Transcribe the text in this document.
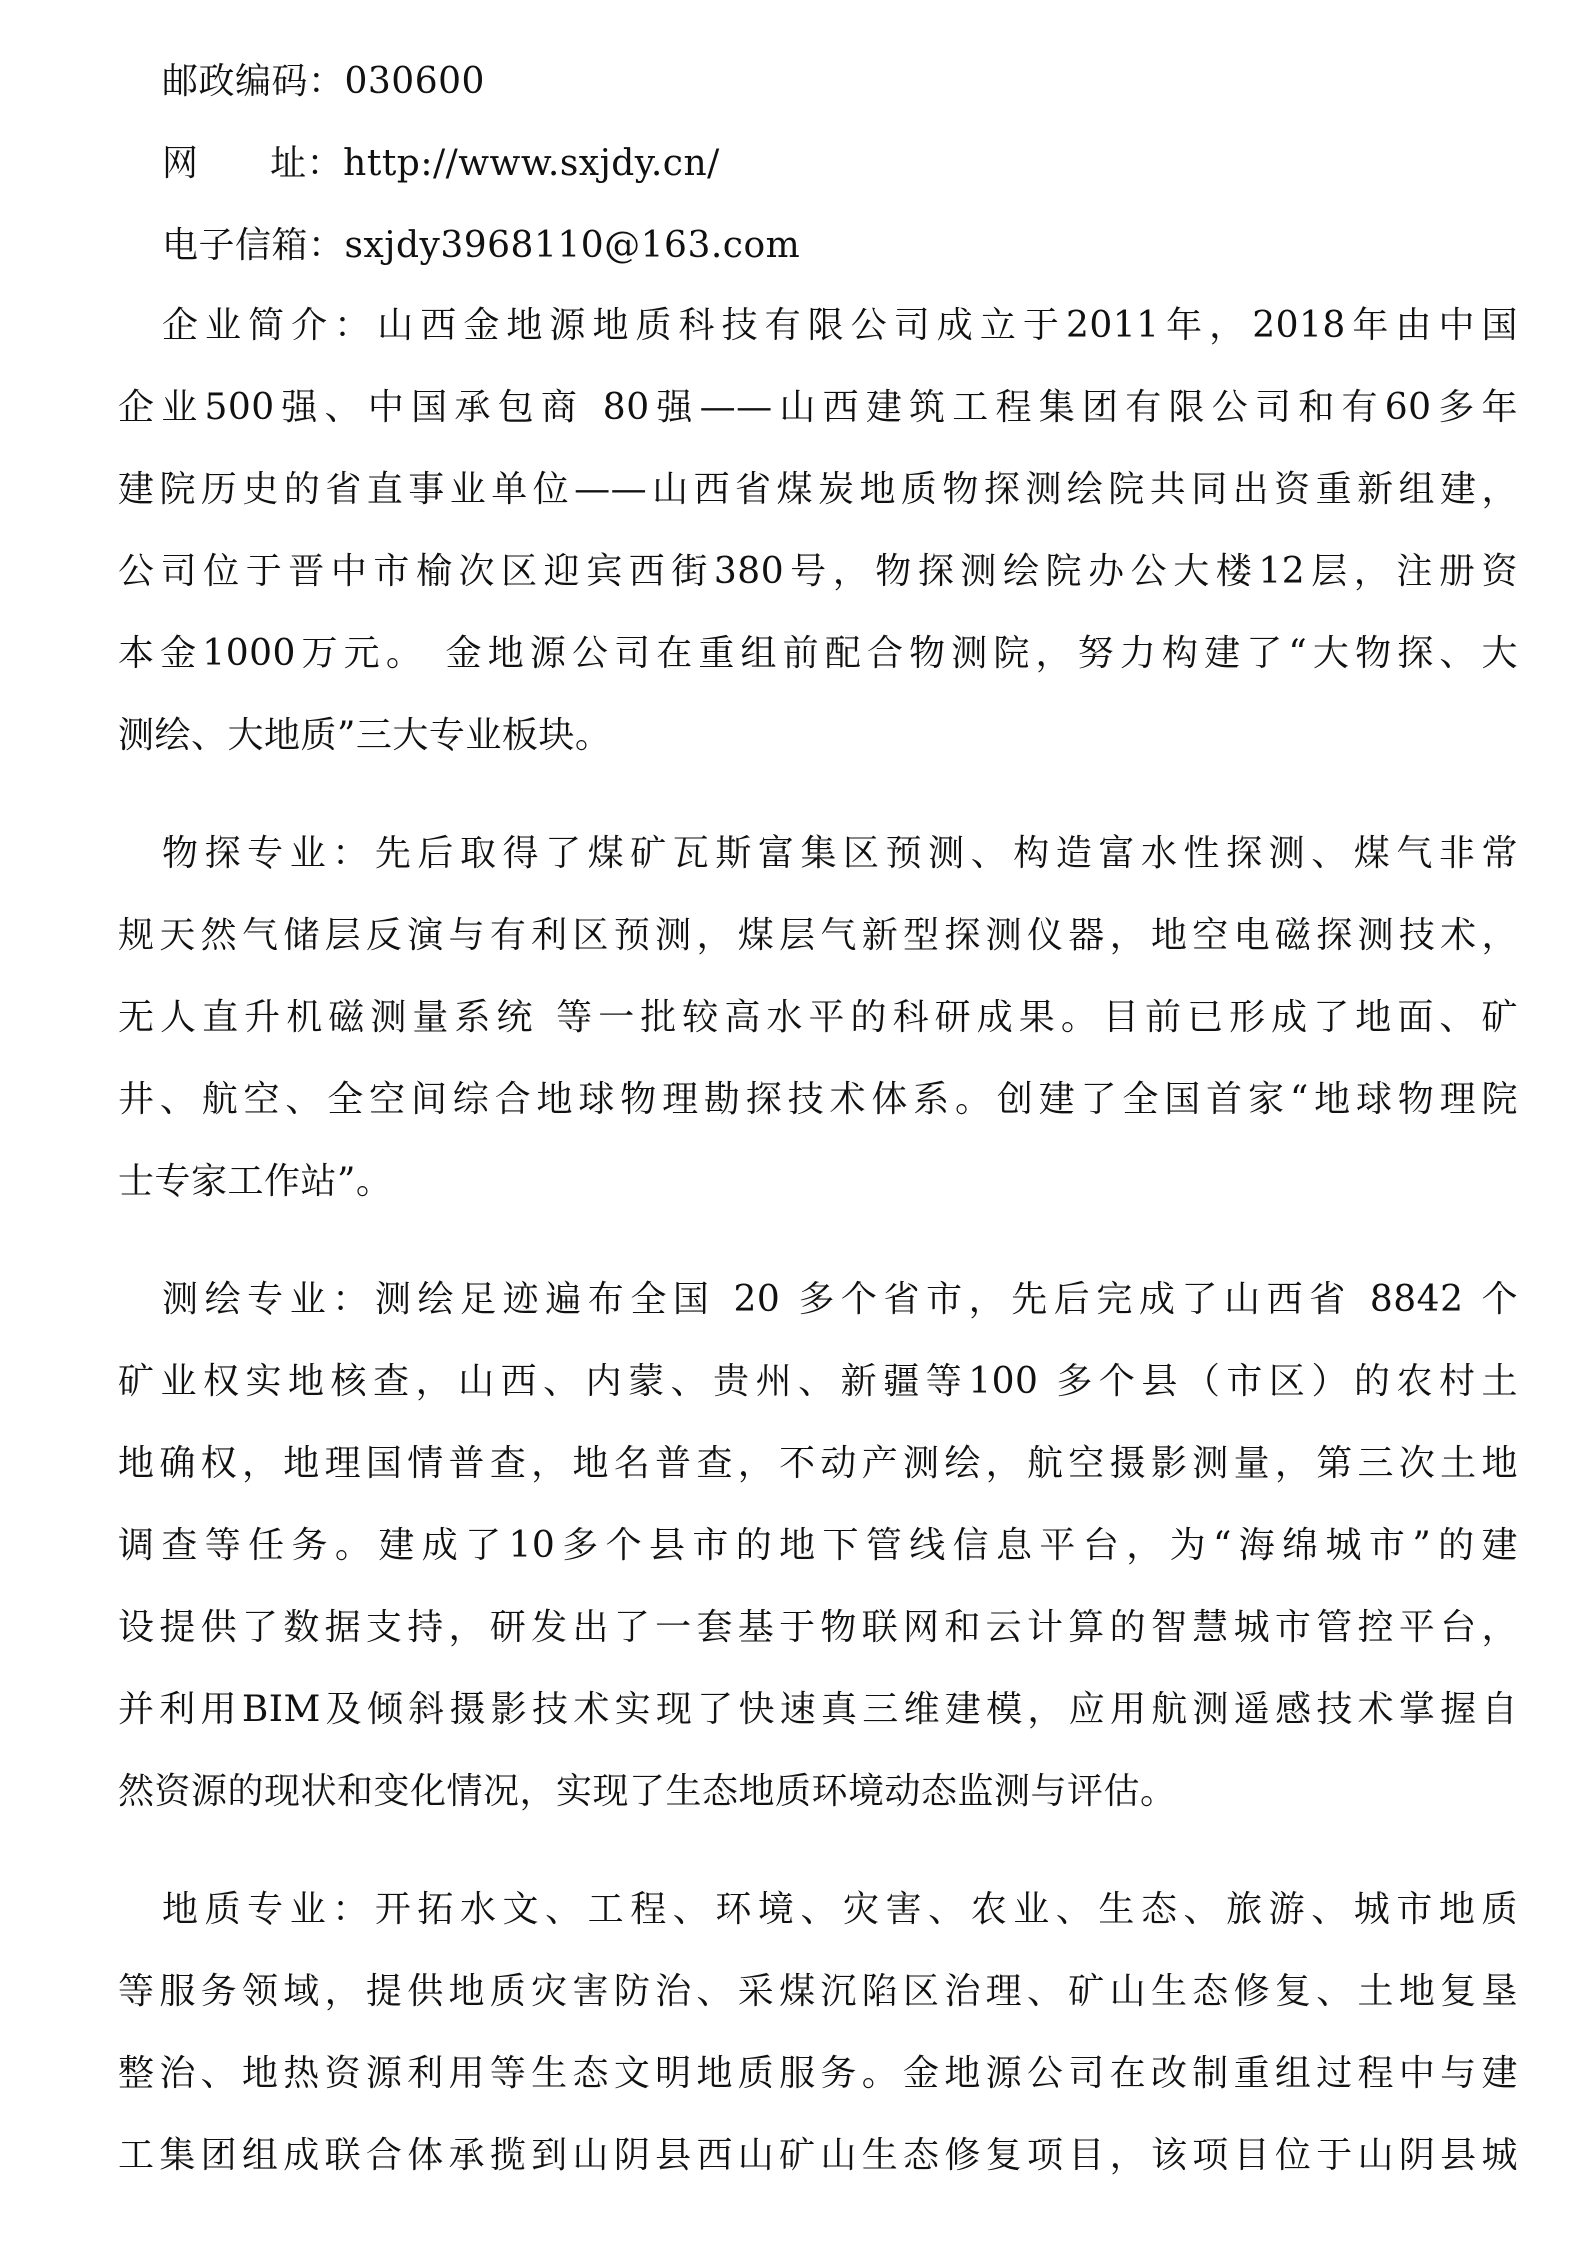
邮政编码：030600
网      址：http://www.sxjdy.cn/
电子信箱：sxjdy3968110@163.com
企业简介：山西金地源地质科技有限公司成立于2011年，2018年由中国
企业500强、中国承包商 80强——山西建筑工程集团有限公司和有60多年
建院历史的省直事业单位——山西省煤炭地质物探测绘院共同出资重新组建，
公司位于晋中市榆次区迎宾西街380号，物探测绘院办公大楼12层，注册资
本金1000万元。 金地源公司在重组前配合物测院，努力构建了“大物探、大
测绘、大地质”三大专业板块。
物探专业：先后取得了煤矿瓦斯富集区预测、构造富水性探测、煤气非常
规天然气储层反演与有利区预测，煤层气新型探测仪器，地空电磁探测技术，
无人直升机磁测量系统 等一批较高水平的科研成果。目前已形成了地面、矿
井、航空、全空间综合地球物理勘探技术体系。创建了全国首家“地球物理院
士专家工作站”。
测绘专业：测绘足迹遍布全国 20 多个省市，先后完成了山西省 8842 个
矿业权实地核查，山西、内蒙、贵州、新疆等100 多个县（市区）的农村土
地确权，地理国情普查，地名普查，不动产测绘，航空摄影测量，第三次土地
调查等任务。建成了10多个县市的地下管线信息平台，为“海绵城市”的建
设提供了数据支持，研发出了一套基于物联网和云计算的智慧城市管控平台，
并利用BIM及倾斜摄影技术实现了快速真三维建模，应用航测遥感技术掌握自
然资源的现状和变化情况，实现了生态地质环境动态监测与评估。
地质专业：开拓水文、工程、环境、灾害、农业、生态、旅游、城市地质
等服务领域，提供地质灾害防治、采煤沉陷区治理、矿山生态修复、土地复垦
整治、地热资源利用等生态文明地质服务。金地源公司在改制重组过程中与建
工集团组成联合体承揽到山阴县西山矿山生态修复项目，该项目位于山阴县城
